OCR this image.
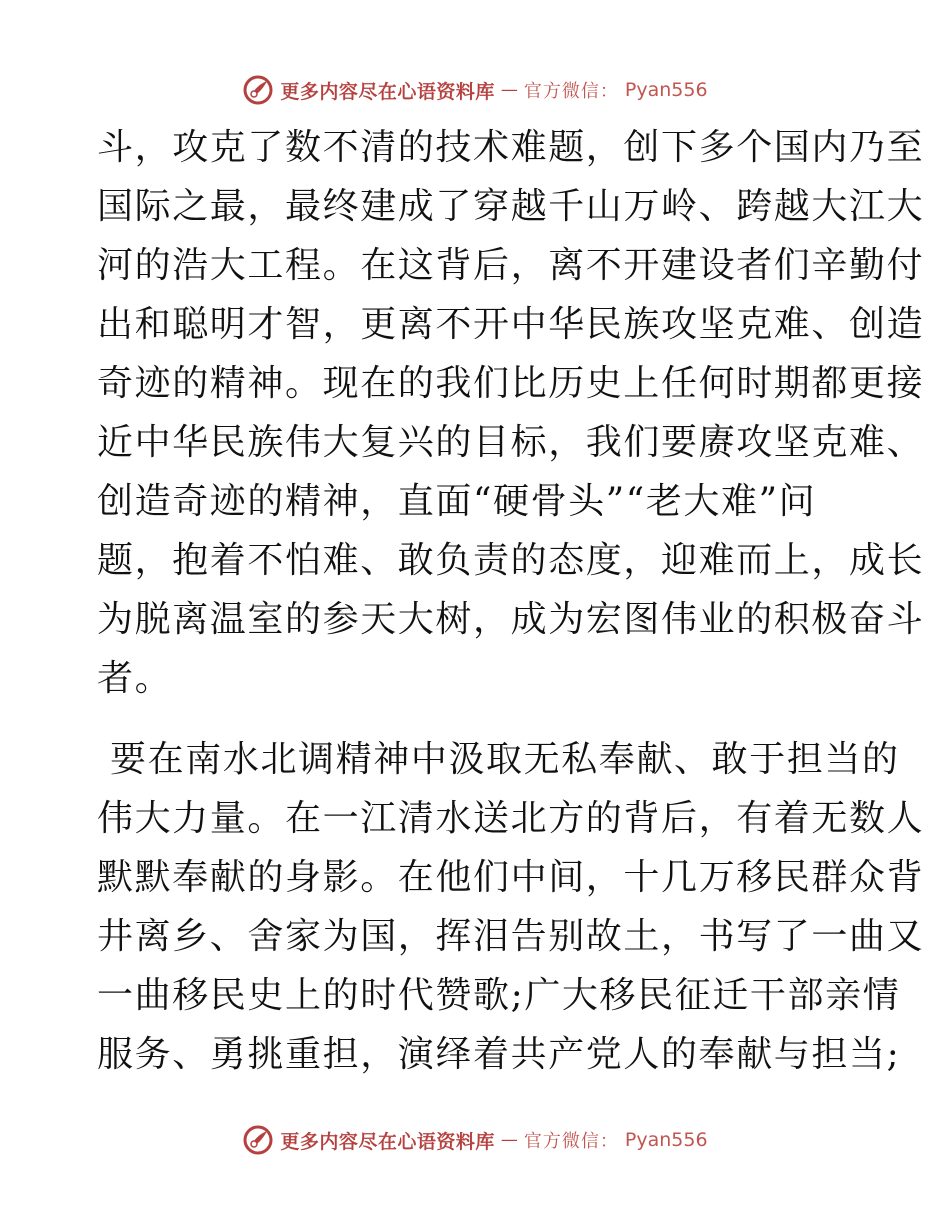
更多内容尽在心语资料库 — 官方微信： Pyan556
斗，攻克了数不清的技术难题，创下多个国内乃至
国际之最，最终建成了穿越千山万岭、跨越大江大
河的浩大工程。在这背后，离不开建设者们辛勤付
出和聪明才智，更离不开中华民族攻坚克难、创造
奇迹的精神。现在的我们比历史上任何时期都更接
近中华民族伟大复兴的目标，我们要赓攻坚克难、
创造奇迹的精神，直面“硬骨头”“老大难”问
题，抱着不怕难、敢负责的态度，迎难而上，成长
为脱离温室的参天大树，成为宏图伟业的积极奋斗
者。
要在南水北调精神中汲取无私奉献、敢于担当的
伟大力量。在一江清水送北方的背后，有着无数人
默默奉献的身影。在他们中间，十几万移民群众背
井离乡、舍家为国，挥泪告别故土，书写了一曲又
一曲移民史上的时代赞歌;广大移民征迁干部亲情
服务、勇挑重担，演绎着共产党人的奉献与担当;
更多内容尽在心语资料库 — 官方微信： Pyan556
